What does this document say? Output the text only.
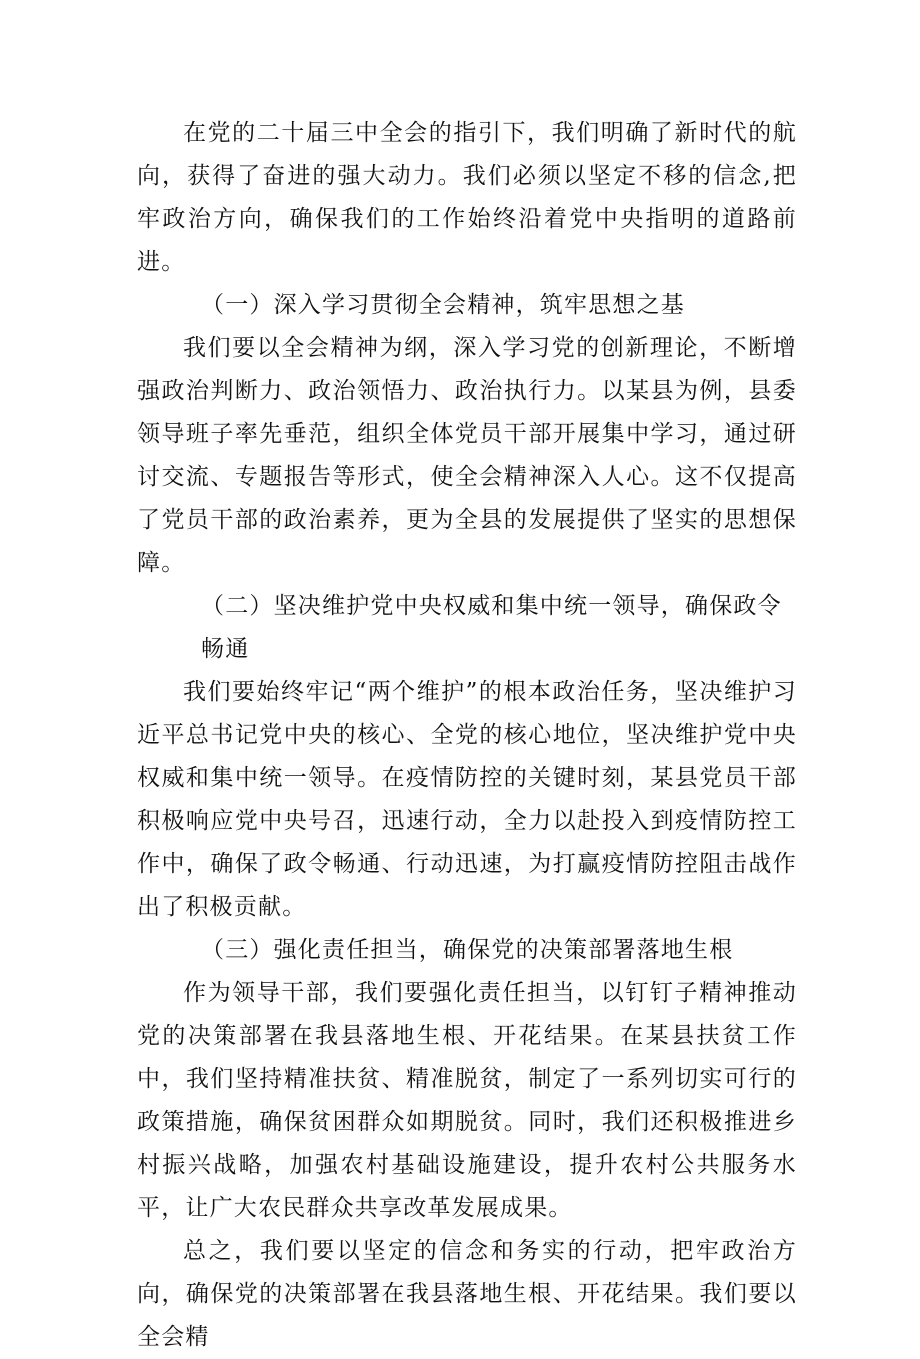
在党的二十届三中全会的指引下，我们明确了新时代的航向，获得了奋进的强大动力。我们必须以坚定不移的信念,把牢政治方向，确保我们的工作始终沿着党中央指明的道路前进。

（一）深入学习贯彻全会精神，筑牢思想之基

我们要以全会精神为纲，深入学习党的创新理论，不断增强政治判断力、政治领悟力、政治执行力。以某县为例，县委领导班子率先垂范，组织全体党员干部开展集中学习，通过研讨交流、专题报告等形式，使全会精神深入人心。这不仅提高了党员干部的政治素养，更为全县的发展提供了坚实的思想保障。

（二）坚决维护党中央权威和集中统一领导，确保政令畅通

我们要始终牢记“两个维护”的根本政治任务，坚决维护习近平总书记党中央的核心、全党的核心地位，坚决维护党中央权威和集中统一领导。在疫情防控的关键时刻，某县党员干部积极响应党中央号召，迅速行动，全力以赴投入到疫情防控工作中，确保了政令畅通、行动迅速，为打赢疫情防控阻击战作出了积极贡献。

（三）强化责任担当，确保党的决策部署落地生根

作为领导干部，我们要强化责任担当，以钉钉子精神推动党的决策部署在我县落地生根、开花结果。在某县扶贫工作中，我们坚持精准扶贫、精准脱贫，制定了一系列切实可行的政策措施，确保贫困群众如期脱贫。同时，我们还积极推进乡村振兴战略，加强农村基础设施建设，提升农村公共服务水平，让广大农民群众共享改革发展成果。

总之，我们要以坚定的信念和务实的行动，把牢政治方向，确保党的决策部署在我县落地生根、开花结果。我们要以全会精
